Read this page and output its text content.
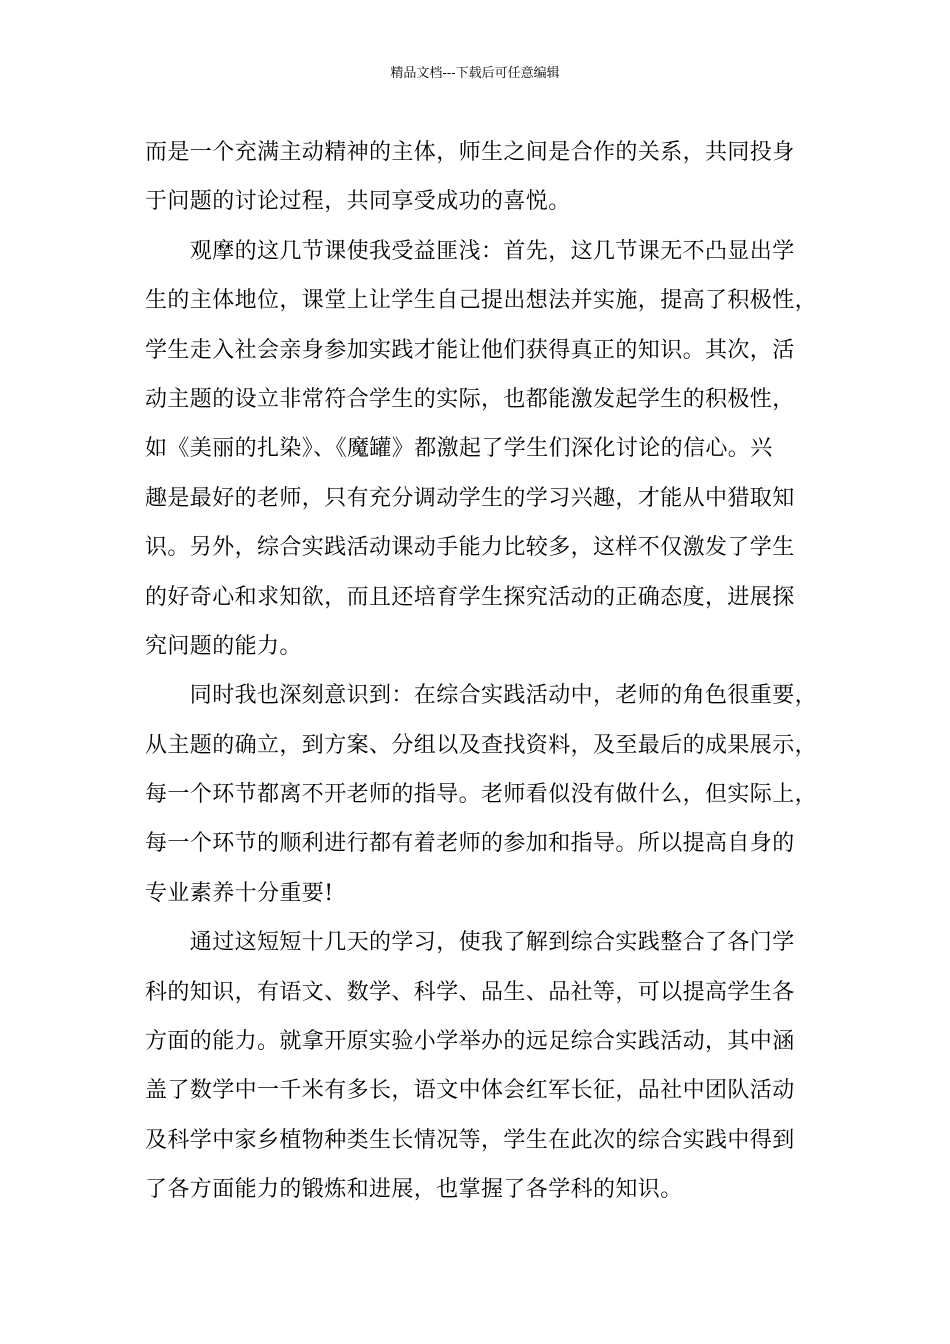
精品文档---下载后可任意编辑
而是一个充满主动精神的主体，师生之间是合作的关系，共同投身
于问题的讨论过程，共同享受成功的喜悦。
　　观摩的这几节课使我受益匪浅：首先，这几节课无不凸显出学
生的主体地位，课堂上让学生自己提出想法并实施，提高了积极性，
学生走入社会亲身参加实践才能让他们获得真正的知识。其次，活
动主题的设立非常符合学生的实际，也都能激发起学生的积极性，
如《美丽的扎染》、《魔罐》都激起了学生们深化讨论的信心。兴
趣是最好的老师，只有充分调动学生的学习兴趣，才能从中猎取知
识。另外，综合实践活动课动手能力比较多，这样不仅激发了学生
的好奇心和求知欲，而且还培育学生探究活动的正确态度，进展探
究问题的能力。
　　同时我也深刻意识到：在综合实践活动中，老师的角色很重要，
从主题的确立，到方案、分组以及查找资料，及至最后的成果展示，
每一个环节都离不开老师的指导。老师看似没有做什么，但实际上，
每一个环节的顺利进行都有着老师的参加和指导。所以提高自身的
专业素养十分重要!
　　通过这短短十几天的学习，使我了解到综合实践整合了各门学
科的知识，有语文、数学、科学、品生、品社等，可以提高学生各
方面的能力。就拿开原实验小学举办的远足综合实践活动，其中涵
盖了数学中一千米有多长，语文中体会红军长征，品社中团队活动
及科学中家乡植物种类生长情况等，学生在此次的综合实践中得到
了各方面能力的锻炼和进展，也掌握了各学科的知识。
